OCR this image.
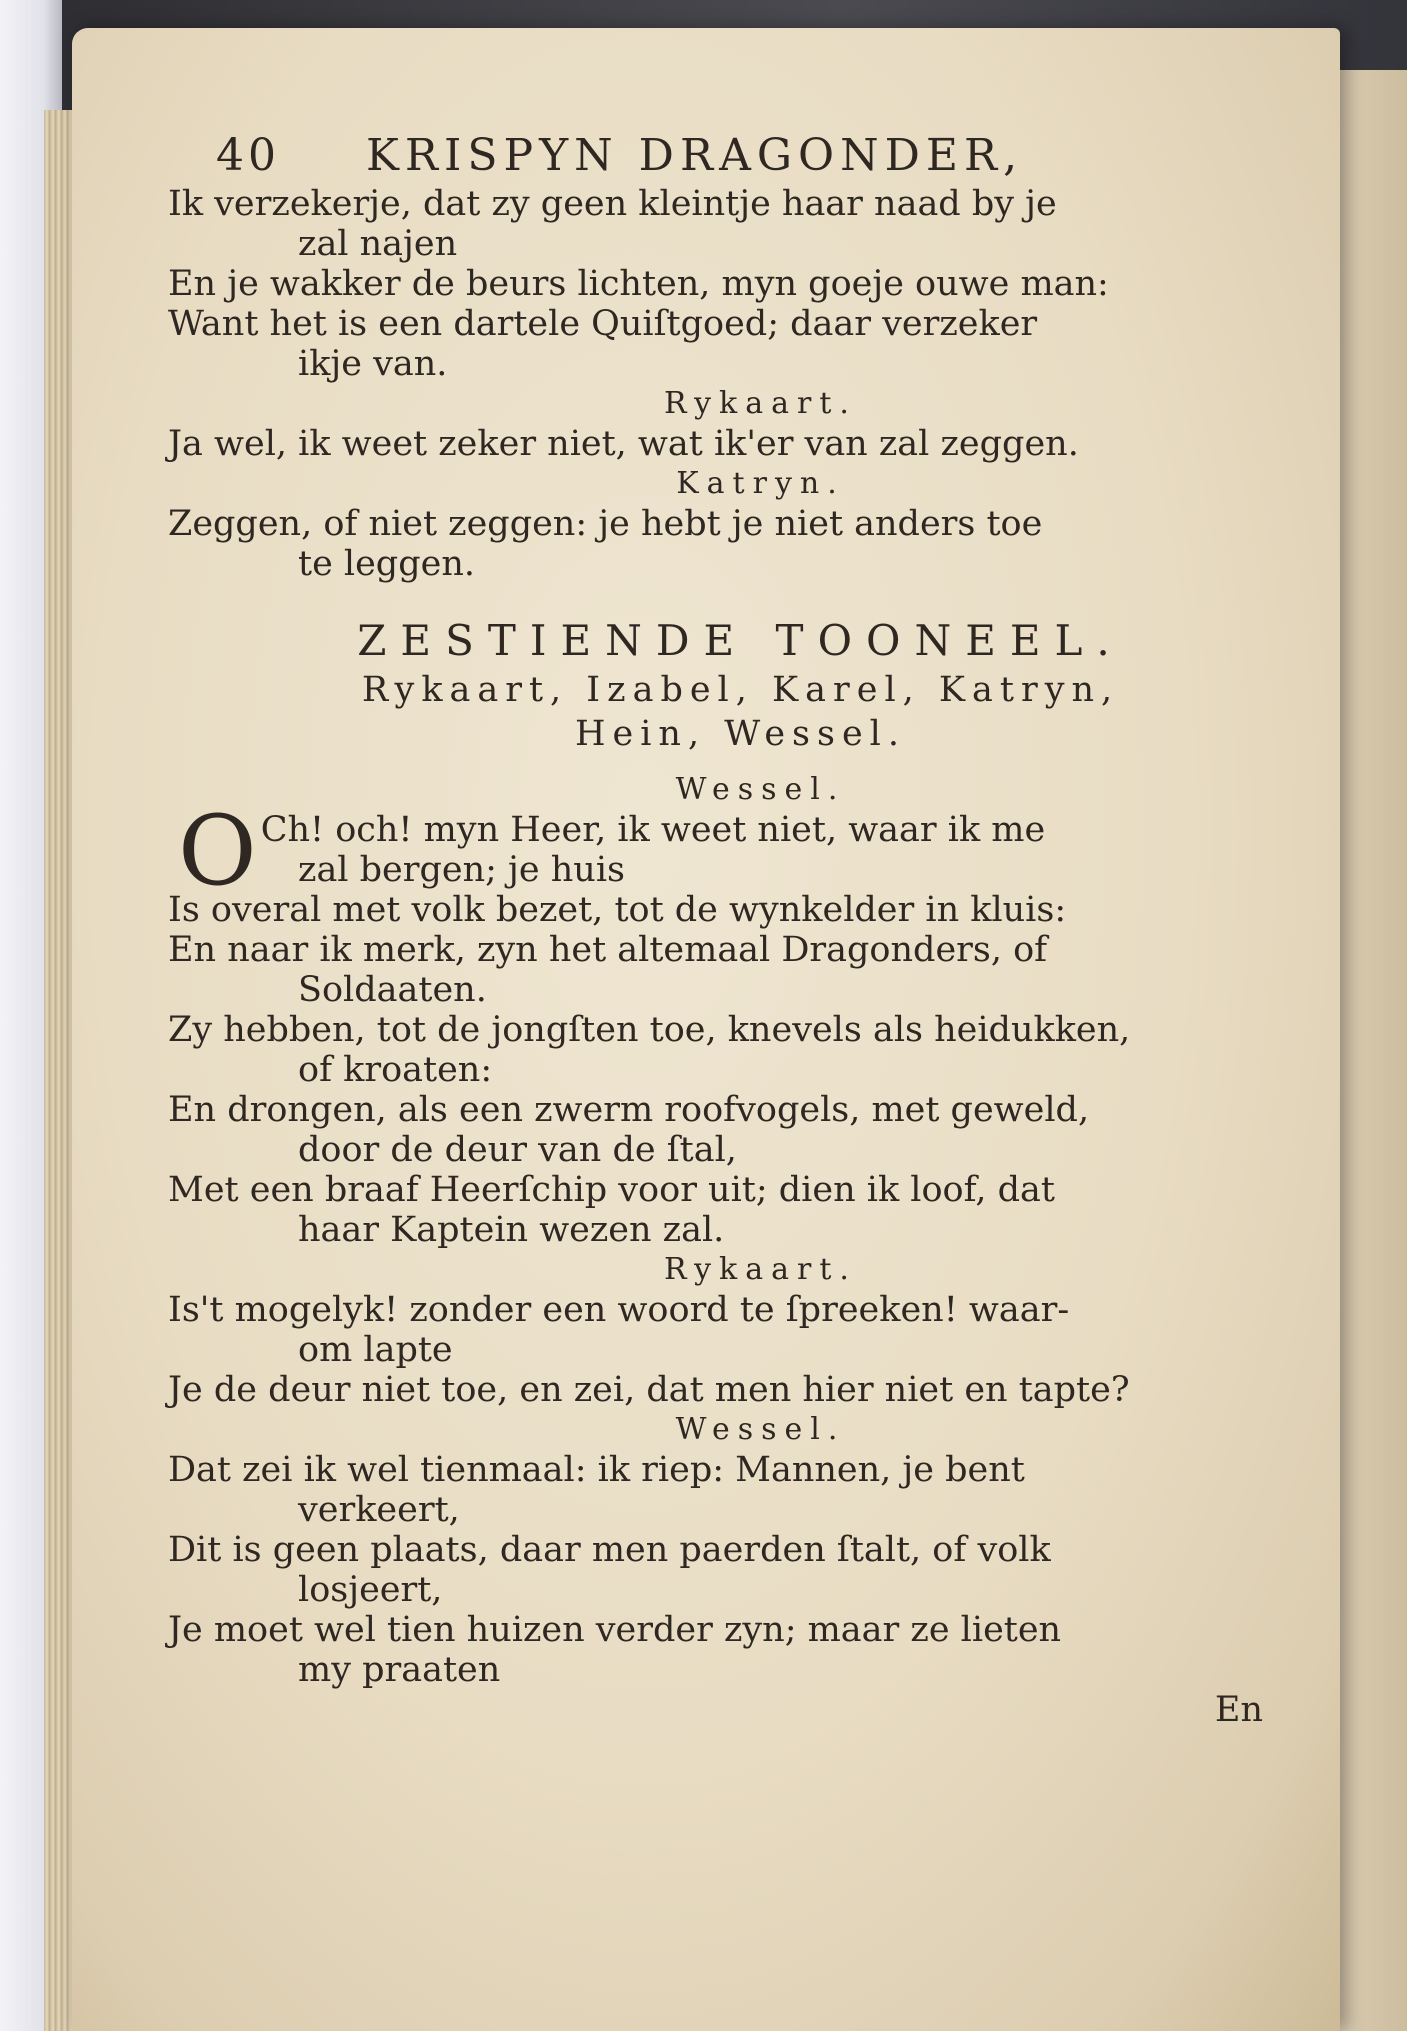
40 KRISPYN DRAGONDER,
Ik verzekerje, dat zy geen kleintje haar naad by je
zal najen
En je wakker de beurs lichten, myn goeje ouwe man:
Want het is een dartele Quiſtgoed; daar verzeker
ikje van.
Rykaart.
Ja wel, ik weet zeker niet, wat ik'er van zal zeggen.
Katryn.
Zeggen, of niet zeggen: je hebt je niet anders toe
te leggen.
ZESTIENDE TOONEEL.
Rykaart, Izabel, Karel, Katryn,
Hein, Wessel.
Wessel.
O Ch! och! myn Heer, ik weet niet, waar ik me
zal bergen; je huis
Is overal met volk bezet, tot de wynkelder in kluis:
En naar ik merk, zyn het altemaal Dragonders, of
Soldaaten.
Zy hebben, tot de jongſten toe, knevels als heidukken,
of kroaten:
En drongen, als een zwerm roofvogels, met geweld,
door de deur van de ſtal,
Met een braaf Heerſchip voor uit; dien ik loof, dat
haar Kaptein wezen zal.
Rykaart.
Is't mogelyk! zonder een woord te ſpreeken! waar-
om lapte
Je de deur niet toe, en zei, dat men hier niet en tapte?
Wessel.
Dat zei ik wel tienmaal: ik riep: Mannen, je bent
verkeert,
Dit is geen plaats, daar men paerden ſtalt, of volk
losjeert,
Je moet wel tien huizen verder zyn; maar ze lieten
my praaten
En
